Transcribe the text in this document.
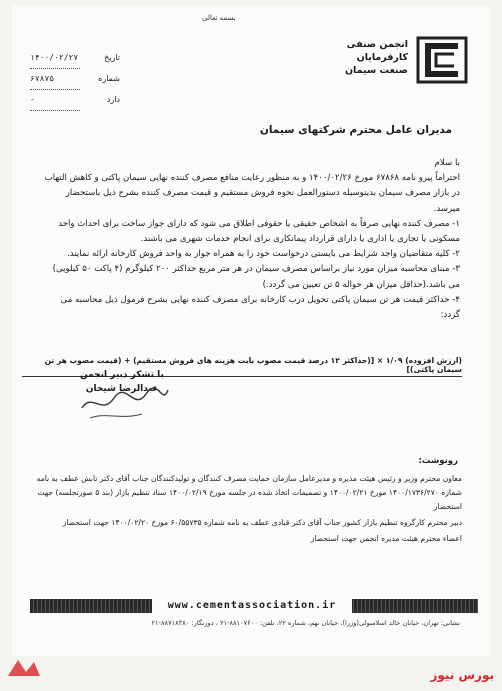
بسمه تعالی
۱۴۰۰/۰۲/۲۷	تاریخ
۶۷۸۷۵	شماره
-	دارد
انجمن صنفی
کارفرمایان
صنعت سیمان
مدیران عامل محترم شرکتهای سیمان

با سلام

احتراماً پیرو نامه ۶۷۸۶۸ مورخ ۱۴۰۰/۰۲/۲۶ و به منظور رعایت منافع مصرف کننده نهایی سیمان پاکتی و کاهش التهاب در بازار مصرف سیمان بدینوسیله دستورالعمل نحوه فروش مستقیم و قیمت مصرف کننده بشرح ذیل باستحضار میرسد.

۱- مصرف کننده نهایی صرفاً به اشخاص حقیقی یا حقوقی اطلاق می شود که دارای جواز ساخت برای احداث واحد مسکونی یا تجاری یا اداری یا دارای قرارداد پیمانکاری برای انجام خدمات شهری می باشند.

۲- کلیه متقاضیان واجد شرایط می بایستی درخواست خود را به همراه جواز به واحد فروش کارخانه ارائه نمایند.

۳- مبنای محاسبه میزان مورد نیاز براساس مصرف سیمان در هر متر مربع حداکثر ۲۰۰ کیلوگرم (۴ پاکت ۵۰ کیلویی) می باشد.(حداقل میزان هر حواله ۵ تن تعیین می گردد.)

۴- حداکثر قیمت هر تن سیمان پاکتی تحویل درب کارخانه برای مصرف کننده نهایی بشرح فرمول ذیل محاسبه می گردد:

(ارزش افزوده) ۱/۰۹ × [(حداکثر ۱۲ درصد قیمت مصوب بابت هزینه های فروش مستقیم) + (قیمت مصوب هر تن سیمان پاکتی)]
با تشکر دبیر انجمن
عبدالرضا شیخان
رونوشت:

معاون محترم وزیر و رئیس هیئت مدیره و مدیرعامل سازمان حمایت مصرف کنندگان و تولیدکنندگان جناب آقای دکتر تابش عطف به نامه شماره ۱۴۰۰/۱۷۳۶/۲۷۰ مورخ ۱۴۰۰/۰۲/۲۱ و تصمیمات اتخاذ شده در جلسه مورخ ۱۴۰۰/۰۲/۱۹ ستاد تنظیم بازار (بند ۵ صورتجلسه) جهت استحضار

دبیر محترم کارگروه تنظیم بازار کشور جناب آقای دکتر قبادی عطف به نامه شماره ۶۰/۵۵۷۳۵ مورخ ۱۴۰۰/۰۲/۲۰ جهت استحضار

اعضاء محترم هیئت مدیره انجمن جهت استحضار

www.cementassociation.ir
نشانی: تهران، خیابان خالد اسلامبولی(وزرا)، خیابان نهم، شماره ۲۲، تلفن: ۸۸۱۰۷۶۰۰-۲۱ ، دورنگار: ۸۸۷۱۸۳۸۰-۲۱
بورس نیوز
